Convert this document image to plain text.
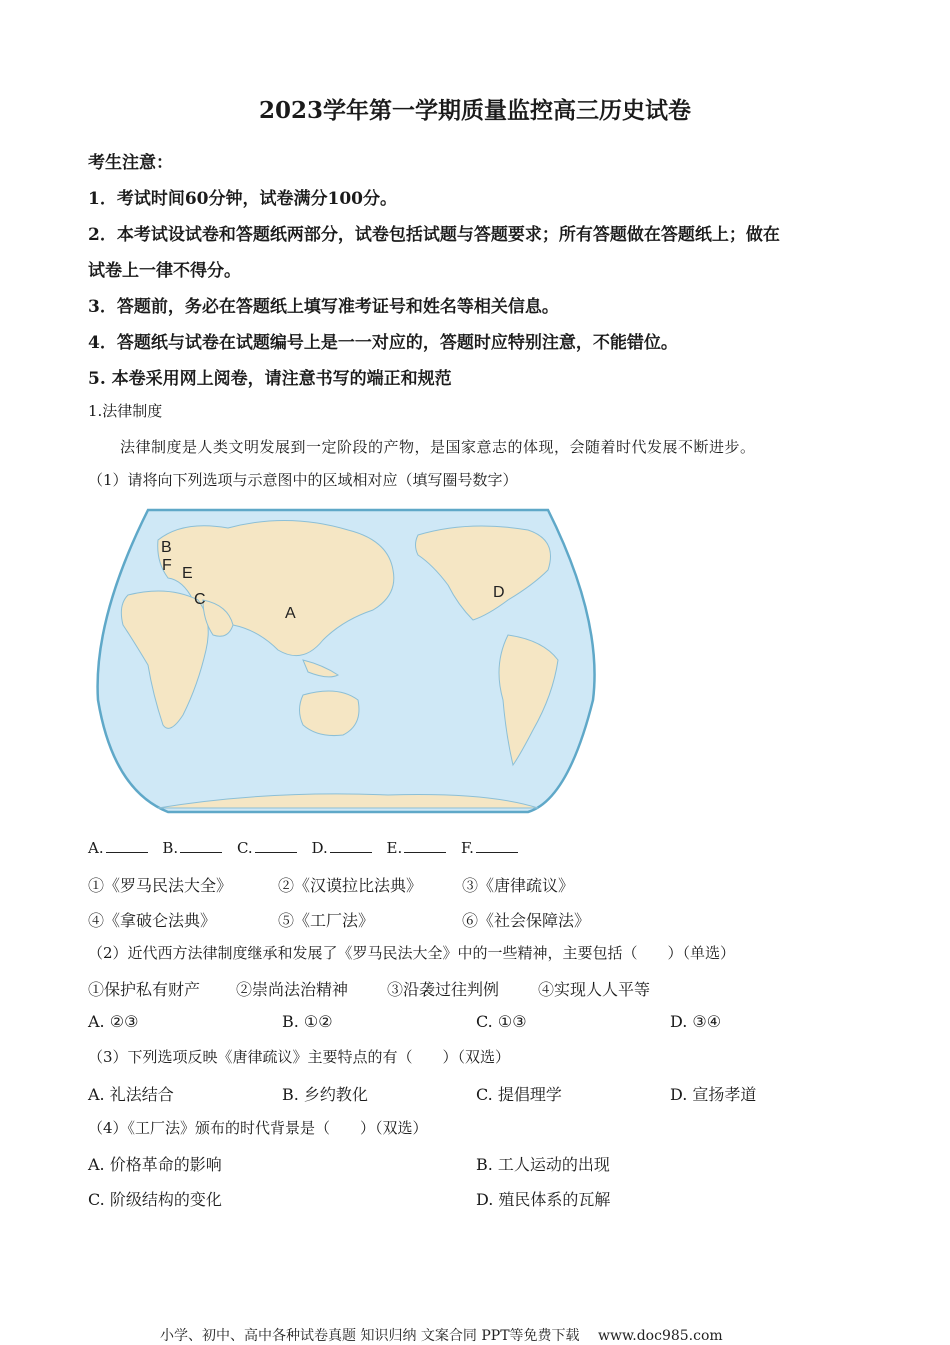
2023学年第一学期质量监控高三历史试卷
考生注意：
1．考试时间60分钟，试卷满分100分。
2．本考试设试卷和答题纸两部分，试卷包括试题与答题要求；所有答题做在答题纸上；做在
试卷上一律不得分。
3．答题前，务必在答题纸上填写准考证号和姓名等相关信息。
4．答题纸与试卷在试题编号上是一一对应的，答题时应特别注意，不能错位。
5. 本卷采用网上阅卷，请注意书写的端正和规范
1.法律制度
法律制度是人类文明发展到一定阶段的产物，是国家意志的体现，会随着时代发展不断进步。
（1）请将向下列选项与示意图中的区域相对应（填写圈号数字）
B
F E
C
A
D
A.	B.	C.	D.	E.	F.
①《罗马民法大全》	②《汉谟拉比法典》 ③《唐律疏议》
④《拿破仑法典》	⑤《工厂法》	⑥《社会保障法》
（2）近代西方法律制度继承和发展了《罗马民法大全》中的一些精神，主要包括（　　）（单选）
①保护私有财产 ②崇尚法治精神 ③沿袭过往判例 ④实现人人平等
A. ②③	B. ①②	C. ①③	D. ③④
（3）下列选项反映《唐律疏议》主要特点的有（　　）（双选）
A. 礼法结合	B. 乡约教化	C. 提倡理学	D. 宣扬孝道
（4）《工厂法》颁布的时代背景是（　　）（双选）
A. 价格革命的影响	B. 工人运动的出现
C. 阶级结构的变化	D. 殖民体系的瓦解
小学、初中、高中各种试卷真题 知识归纳 文案合同 PPT等免费下载　 www.doc985.com
